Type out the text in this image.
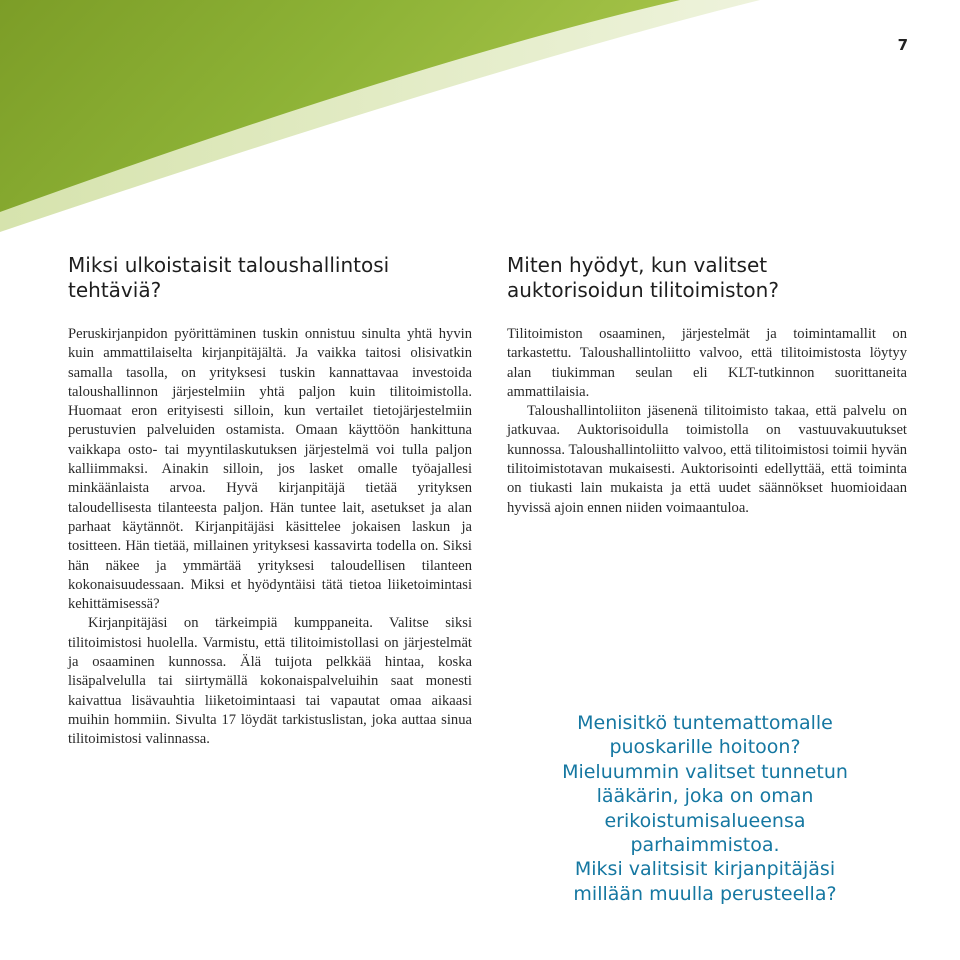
7
Miksi ulkoistaisit taloushallintosi tehtäviä?

Peruskirjanpidon pyörittäminen tuskin onnistuu sinulta yhtä hyvin kuin ammattilaiselta kirjanpitäjältä. Ja vaikka taitosi olisivatkin samalla tasolla, on yrityksesi tuskin kannattavaa investoida taloushallinnon järjestelmiin yhtä paljon kuin tilitoimistolla. Huomaat eron erityisesti silloin, kun vertailet tietojärjestelmiin perustuvien palveluiden ostamista. Omaan käyttöön hankittuna vaikkapa osto- tai myyntilaskutuksen järjestelmä voi tulla paljon kalliimmaksi. Ainakin silloin, jos lasket omalle työajallesi minkäänlaista arvoa. Hyvä kirjanpitäjä tietää yrityksen taloudellisesta tilanteesta paljon. Hän tuntee lait, asetukset ja alan parhaat käytännöt. Kirjanpitäjäsi käsittelee jokaisen laskun ja tositteen. Hän tietää, millainen yrityksesi kassavirta todella on. Siksi hän näkee ja ymmärtää yrityksesi taloudellisen tilanteen kokonaisuudessaan. Miksi et hyödyntäisi tätä tietoa liiketoimintasi kehittämisessä?

Kirjanpitäjäsi on tärkeimpiä kumppaneita. Valitse siksi tilitoimistosi huolella. Varmistu, että tilitoimistollasi on järjestelmät ja osaaminen kunnossa. Älä tuijota pelkkää hintaa, koska lisäpalvelulla tai siirtymällä kokonaispalveluihin saat monesti kaivattua lisävauhtia liiketoimintaasi tai vapautat omaa aikaasi muihin hommiin. Sivulta 17 löydät tarkistuslistan, joka auttaa sinua tilitoimistosi valinnassa.

Miten hyödyt, kun valitset auktorisoidun tilitoimiston?

Tilitoimiston osaaminen, järjestelmät ja toimintamallit on tarkastettu. Taloushallintoliitto valvoo, että tilitoimistosta löytyy alan tiukimman seulan eli KLT-tutkinnon suorittaneita ammattilaisia.

Taloushallintoliiton jäsenenä tilitoimisto takaa, että palvelu on jatkuvaa. Auktorisoidulla toimistolla on vastuuvakuutukset kunnossa. Taloushallintoliitto valvoo, että tilitoimistosi toimii hyvän tilitoimistotavan mukaisesti. Auktorisointi edellyttää, että toiminta on tiukasti lain mukaista ja että uudet säännökset huomioidaan hyvissä ajoin ennen niiden voimaantuloa.

Menisitkö tuntemattomalle puoskarille hoitoon?

Mieluummin valitset tunnetun lääkärin, joka on oman erikoistumisalueensa parhaimmistoa.

Miksi valitsisit kirjanpitäjäsi millään muulla perusteella?
